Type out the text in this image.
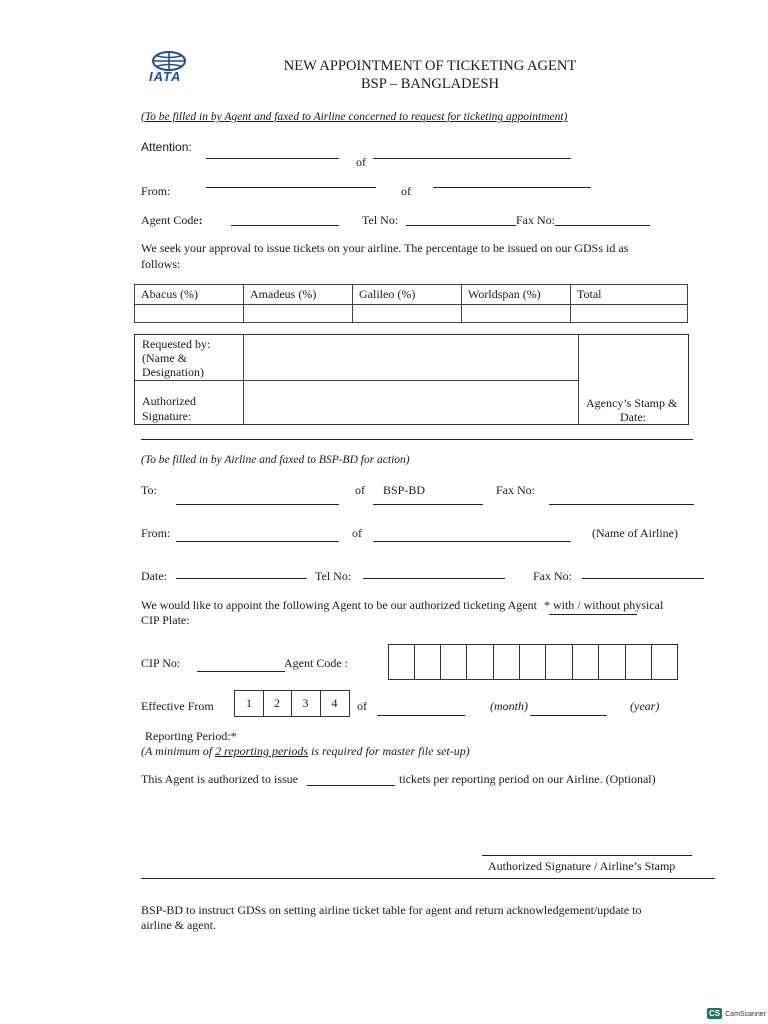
IATA
NEW APPOINTMENT OF TICKETING AGENT
BSP – BANGLADESH
(To be filled in by Agent and faxed to Airline concerned to request for ticketing appointment)
Attention:
of
From:	of
Agent Code:	Tel No:	Fax No:
We seek your approval to issue tickets on your airline. The percentage to be issued on our GDSs id as
follows:
Abacus (%)	Amadeus (%)	Galileo (%)	Worldspan (%)	Total

Requested by:
(Name &
Designation)
Authorized
Signature:
Agency’s Stamp &
Date:
(To be filled in by Airline and faxed to BSP-BD for action)
To:	of BSP-BD	Fax No:
From:	of	(Name of Airline)
Date:	Tel No:	Fax No:
We would like to appoint the following Agent to be our authorized ticketing Agent * with / without physical
CIP Plate:
CIP No:	Agent Code :
Effective From	1	2	3	4	of	(month)	(year)
Reporting Period:*
(A minimum of 2 reporting periods is required for master file set-up)
This Agent is authorized to issue	tickets per reporting period on our Airline. (Optional)
Authorized Signature / Airline’s Stamp
BSP-BD to instruct GDSs on setting airline ticket table for agent and return acknowledgement/update to
airline & agent.
CS CamScanner
